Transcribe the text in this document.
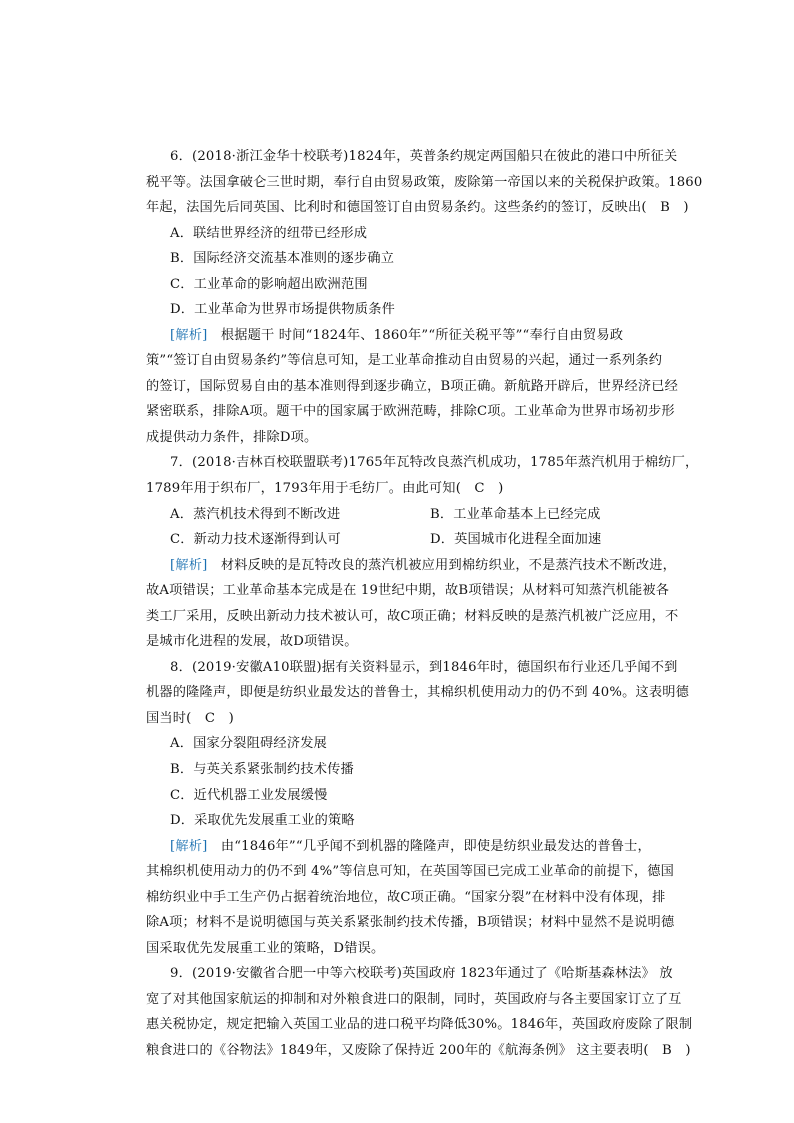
6．(2018·浙江金华十校联考)1824年，英普条约规定两国船只在彼此的港口中所征关
税平等。法国拿破仑三世时期，奉行自由贸易政策，废除第一帝国以来的关税保护政策。1860
年起，法国先后同英国、比利时和德国签订自由贸易条约。这些条约的签订，反映出(　B　)
A．联结世界经济的纽带已经形成
B．国际经济交流基本准则的逐步确立
C．工业革命的影响超出欧洲范围
D．工业革命为世界市场提供物质条件
[解析]　根据题干 时间“1824年、1860年”“所征关税平等”“奉行自由贸易政
策”“签订自由贸易条约”等信息可知，是工业革命推动自由贸易的兴起，通过一系列条约
的签订，国际贸易自由的基本准则得到逐步确立，B项正确。新航路开辟后，世界经济已经
紧密联系，排除A项。题干中的国家属于欧洲范畴，排除C项。工业革命为世界市场初步形
成提供动力条件，排除D项。
7．(2018·吉林百校联盟联考)1765年瓦特改良蒸汽机成功，1785年蒸汽机用于棉纺厂，
1789年用于织布厂，1793年用于毛纺厂。由此可知(　C　)
A．蒸汽机技术得到不断改进	B．工业革命基本上已经完成
C．新动力技术逐渐得到认可	D．英国城市化进程全面加速
[解析]　材料反映的是瓦特改良的蒸汽机被应用到棉纺织业，不是蒸汽技术不断改进，
故A项错误；工业革命基本完成是在 19世纪中期，故B项错误；从材料可知蒸汽机能被各
类工厂采用，反映出新动力技术被认可，故C项正确；材料反映的是蒸汽机被广泛应用，不
是城市化进程的发展，故D项错误。
8．(2019·安徽A10联盟)据有关资料显示，到1846年时，德国织布行业还几乎闻不到
机器的隆隆声，即便是纺织业最发达的普鲁士，其棉织机使用动力的仍不到 40%。这表明德
国当时(　C　)
A．国家分裂阻碍经济发展
B．与英关系紧张制约技术传播
C．近代机器工业发展缓慢
D．采取优先发展重工业的策略
[解析]　由“1846年”“几乎闻不到机器的隆隆声，即使是纺织业最发达的普鲁士，
其棉织机使用动力的仍不到 4%”等信息可知，在英国等国已完成工业革命的前提下，德国
棉纺织业中手工生产仍占据着统治地位，故C项正确。“国家分裂”在材料中没有体现，排
除A项；材料不是说明德国与英关系紧张制约技术传播，B项错误；材料中显然不是说明德
国采取优先发展重工业的策略，D错误。
9．(2019·安徽省合肥一中等六校联考)英国政府 1823年通过了《哈斯基森林法》 放
宽了对其他国家航运的抑制和对外粮食进口的限制，同时，英国政府与各主要国家订立了互
惠关税协定，规定把输入英国工业品的进口税平均降低30%。1846年，英国政府废除了限制
粮食进口的《谷物法》1849年，又废除了保持近 200年的《航海条例》 这主要表明(　B　)
